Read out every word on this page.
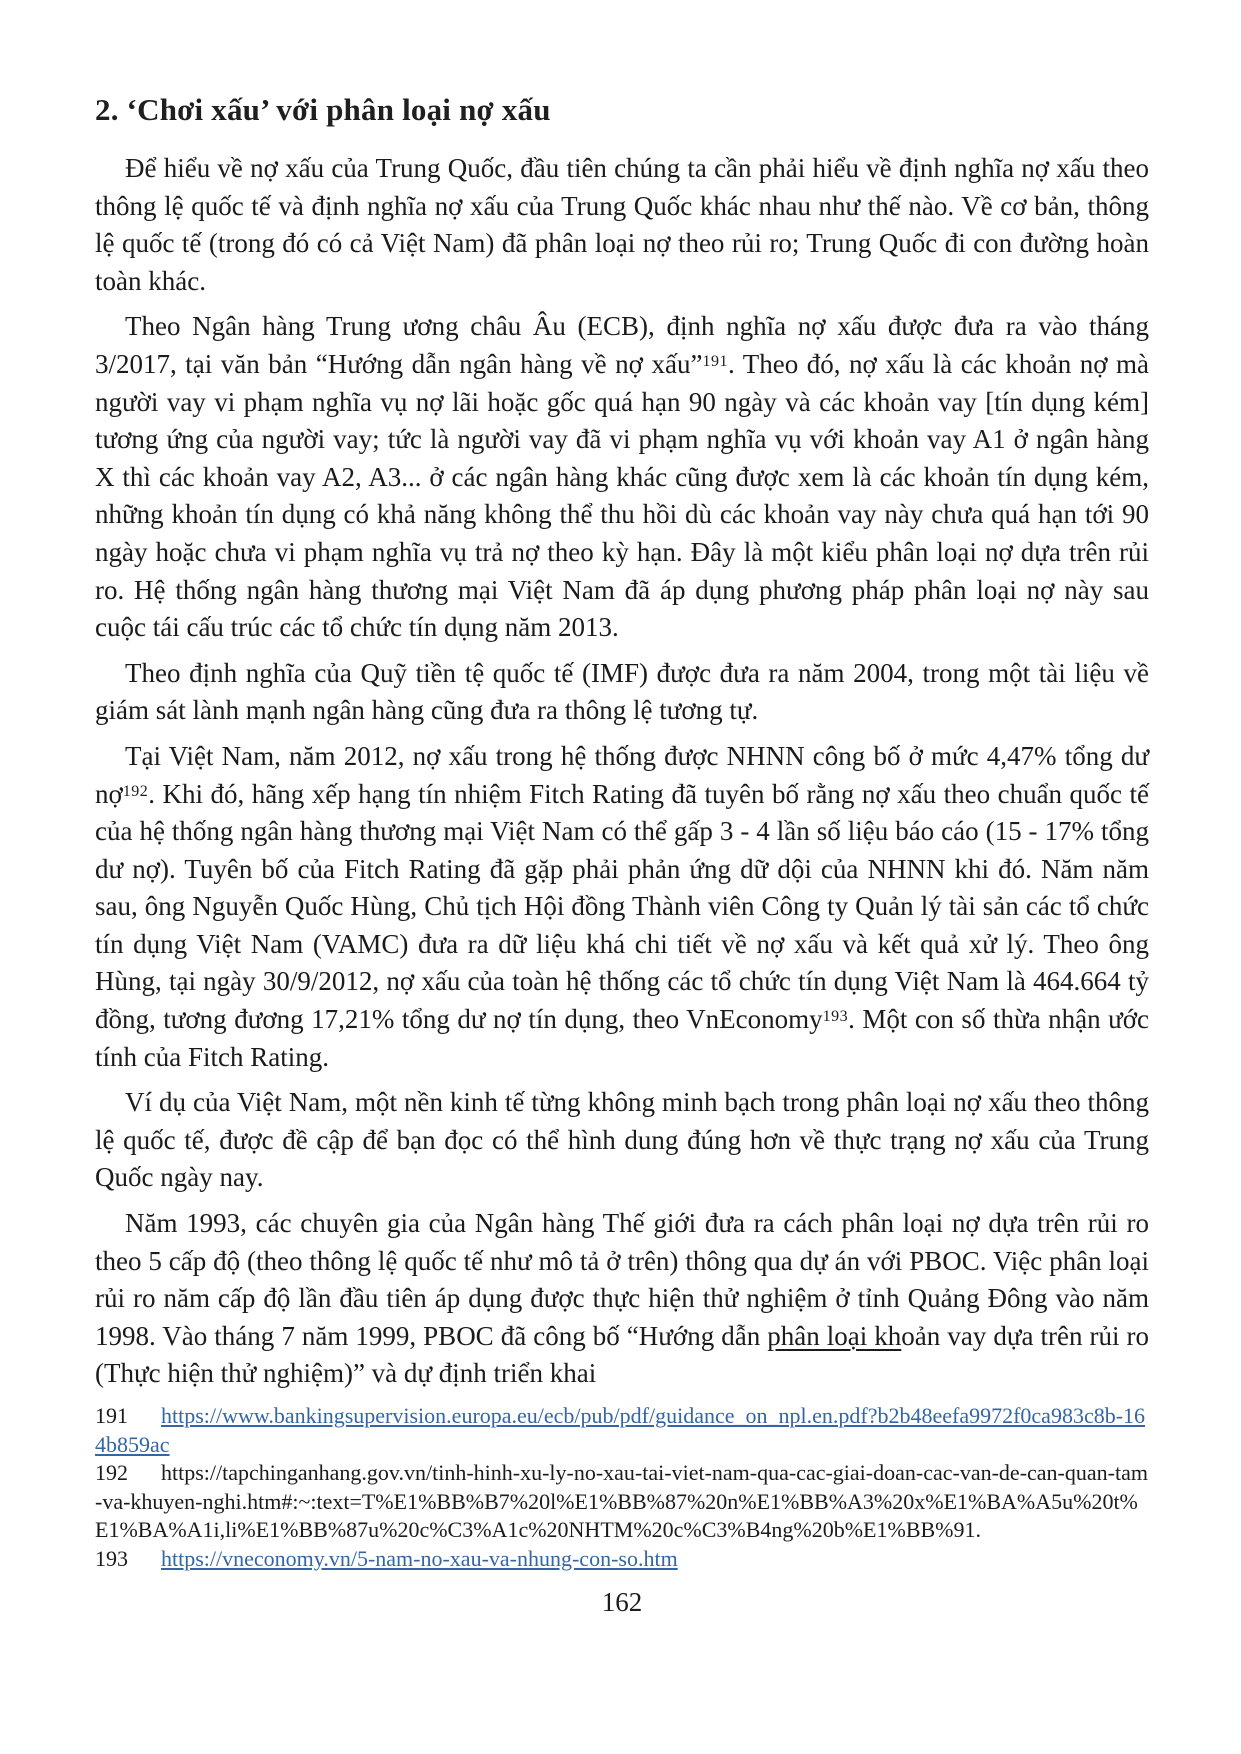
2. ‘Chơi xấu’ với phân loại nợ xấu

Để hiểu về nợ xấu của Trung Quốc, đầu tiên chúng ta cần phải hiểu về định nghĩa nợ xấu theo thông lệ quốc tế và định nghĩa nợ xấu của Trung Quốc khác nhau như thế nào. Về cơ bản, thông lệ quốc tế (trong đó có cả Việt Nam) đã phân loại nợ theo rủi ro; Trung Quốc đi con đường hoàn toàn khác.

Theo Ngân hàng Trung ương châu Âu (ECB), định nghĩa nợ xấu được đưa ra vào tháng 3/2017, tại văn bản “Hướng dẫn ngân hàng về nợ xấu”$^{191}$. Theo đó, nợ xấu là các khoản nợ mà người vay vi phạm nghĩa vụ nợ lãi hoặc gốc quá hạn 90 ngày và các khoản vay [tín dụng kém] tương ứng của người vay; tức là người vay đã vi phạm nghĩa vụ với khoản vay A1 ở ngân hàng X thì các khoản vay A2, A3... ở các ngân hàng khác cũng được xem là các khoản tín dụng kém, những khoản tín dụng có khả năng không thể thu hồi dù các khoản vay này chưa quá hạn tới 90 ngày hoặc chưa vi phạm nghĩa vụ trả nợ theo kỳ hạn. Đây là một kiểu phân loại nợ dựa trên rủi ro. Hệ thống ngân hàng thương mại Việt Nam đã áp dụng phương pháp phân loại nợ này sau cuộc tái cấu trúc các tổ chức tín dụng năm 2013.

Theo định nghĩa của Quỹ tiền tệ quốc tế (IMF) được đưa ra năm 2004, trong một tài liệu về giám sát lành mạnh ngân hàng cũng đưa ra thông lệ tương tự.

Tại Việt Nam, năm 2012, nợ xấu trong hệ thống được NHNN công bố ở mức 4,47% tổng dư nợ$^{192}$. Khi đó, hãng xếp hạng tín nhiệm Fitch Rating đã tuyên bố rằng nợ xấu theo chuẩn quốc tế của hệ thống ngân hàng thương mại Việt Nam có thể gấp 3 - 4 lần số liệu báo cáo (15 - 17% tổng dư nợ). Tuyên bố của Fitch Rating đã gặp phải phản ứng dữ dội của NHNN khi đó. Năm năm sau, ông Nguyễn Quốc Hùng, Chủ tịch Hội đồng Thành viên Công ty Quản lý tài sản các tổ chức tín dụng Việt Nam (VAMC) đưa ra dữ liệu khá chi tiết về nợ xấu và kết quả xử lý. Theo ông Hùng, tại ngày 30/9/2012, nợ xấu của toàn hệ thống các tổ chức tín dụng Việt Nam là 464.664 tỷ đồng, tương đương 17,21% tổng dư nợ tín dụng, theo VnEconomy$^{193}$. Một con số thừa nhận ước tính của Fitch Rating.

Ví dụ của Việt Nam, một nền kinh tế từng không minh bạch trong phân loại nợ xấu theo thông lệ quốc tế, được đề cập để bạn đọc có thể hình dung đúng hơn về thực trạng nợ xấu của Trung Quốc ngày nay.

Năm 1993, các chuyên gia của Ngân hàng Thế giới đưa ra cách phân loại nợ dựa trên rủi ro theo 5 cấp độ (theo thông lệ quốc tế như mô tả ở trên) thông qua dự án với PBOC. Việc phân loại rủi ro năm cấp độ lần đầu tiên áp dụng được thực hiện thử nghiệm ở tỉnh Quảng Đông vào năm 1998. Vào tháng 7 năm 1999, PBOC đã công bố “Hướng dẫn phân loại khoản vay dựa trên rủi ro (Thực hiện thử nghiệm)” và dự định triển khai

191 https://www.bankingsupervision.europa.eu/ecb/pub/pdf/guidance_on_npl.en.pdf?b2b48eefa9972f0ca983c8b-164b859ac

192 https://tapchinganhang.gov.vn/tinh-hinh-xu-ly-no-xau-tai-viet-nam-qua-cac-giai-doan-cac-van-de-can-quan-tam-va-khuyen-nghi.htm#:~:text=T%E1%BB%B7%20l%E1%BB%87%20n%E1%BB%A3%20x%E1%BA%A5u%20t%E1%BA%A1i,li%E1%BB%87u%20c%C3%A1c%20NHTM%20c%C3%B4ng%20b%E1%BB%91.

193 https://vneconomy.vn/5-nam-no-xau-va-nhung-con-so.htm

162
